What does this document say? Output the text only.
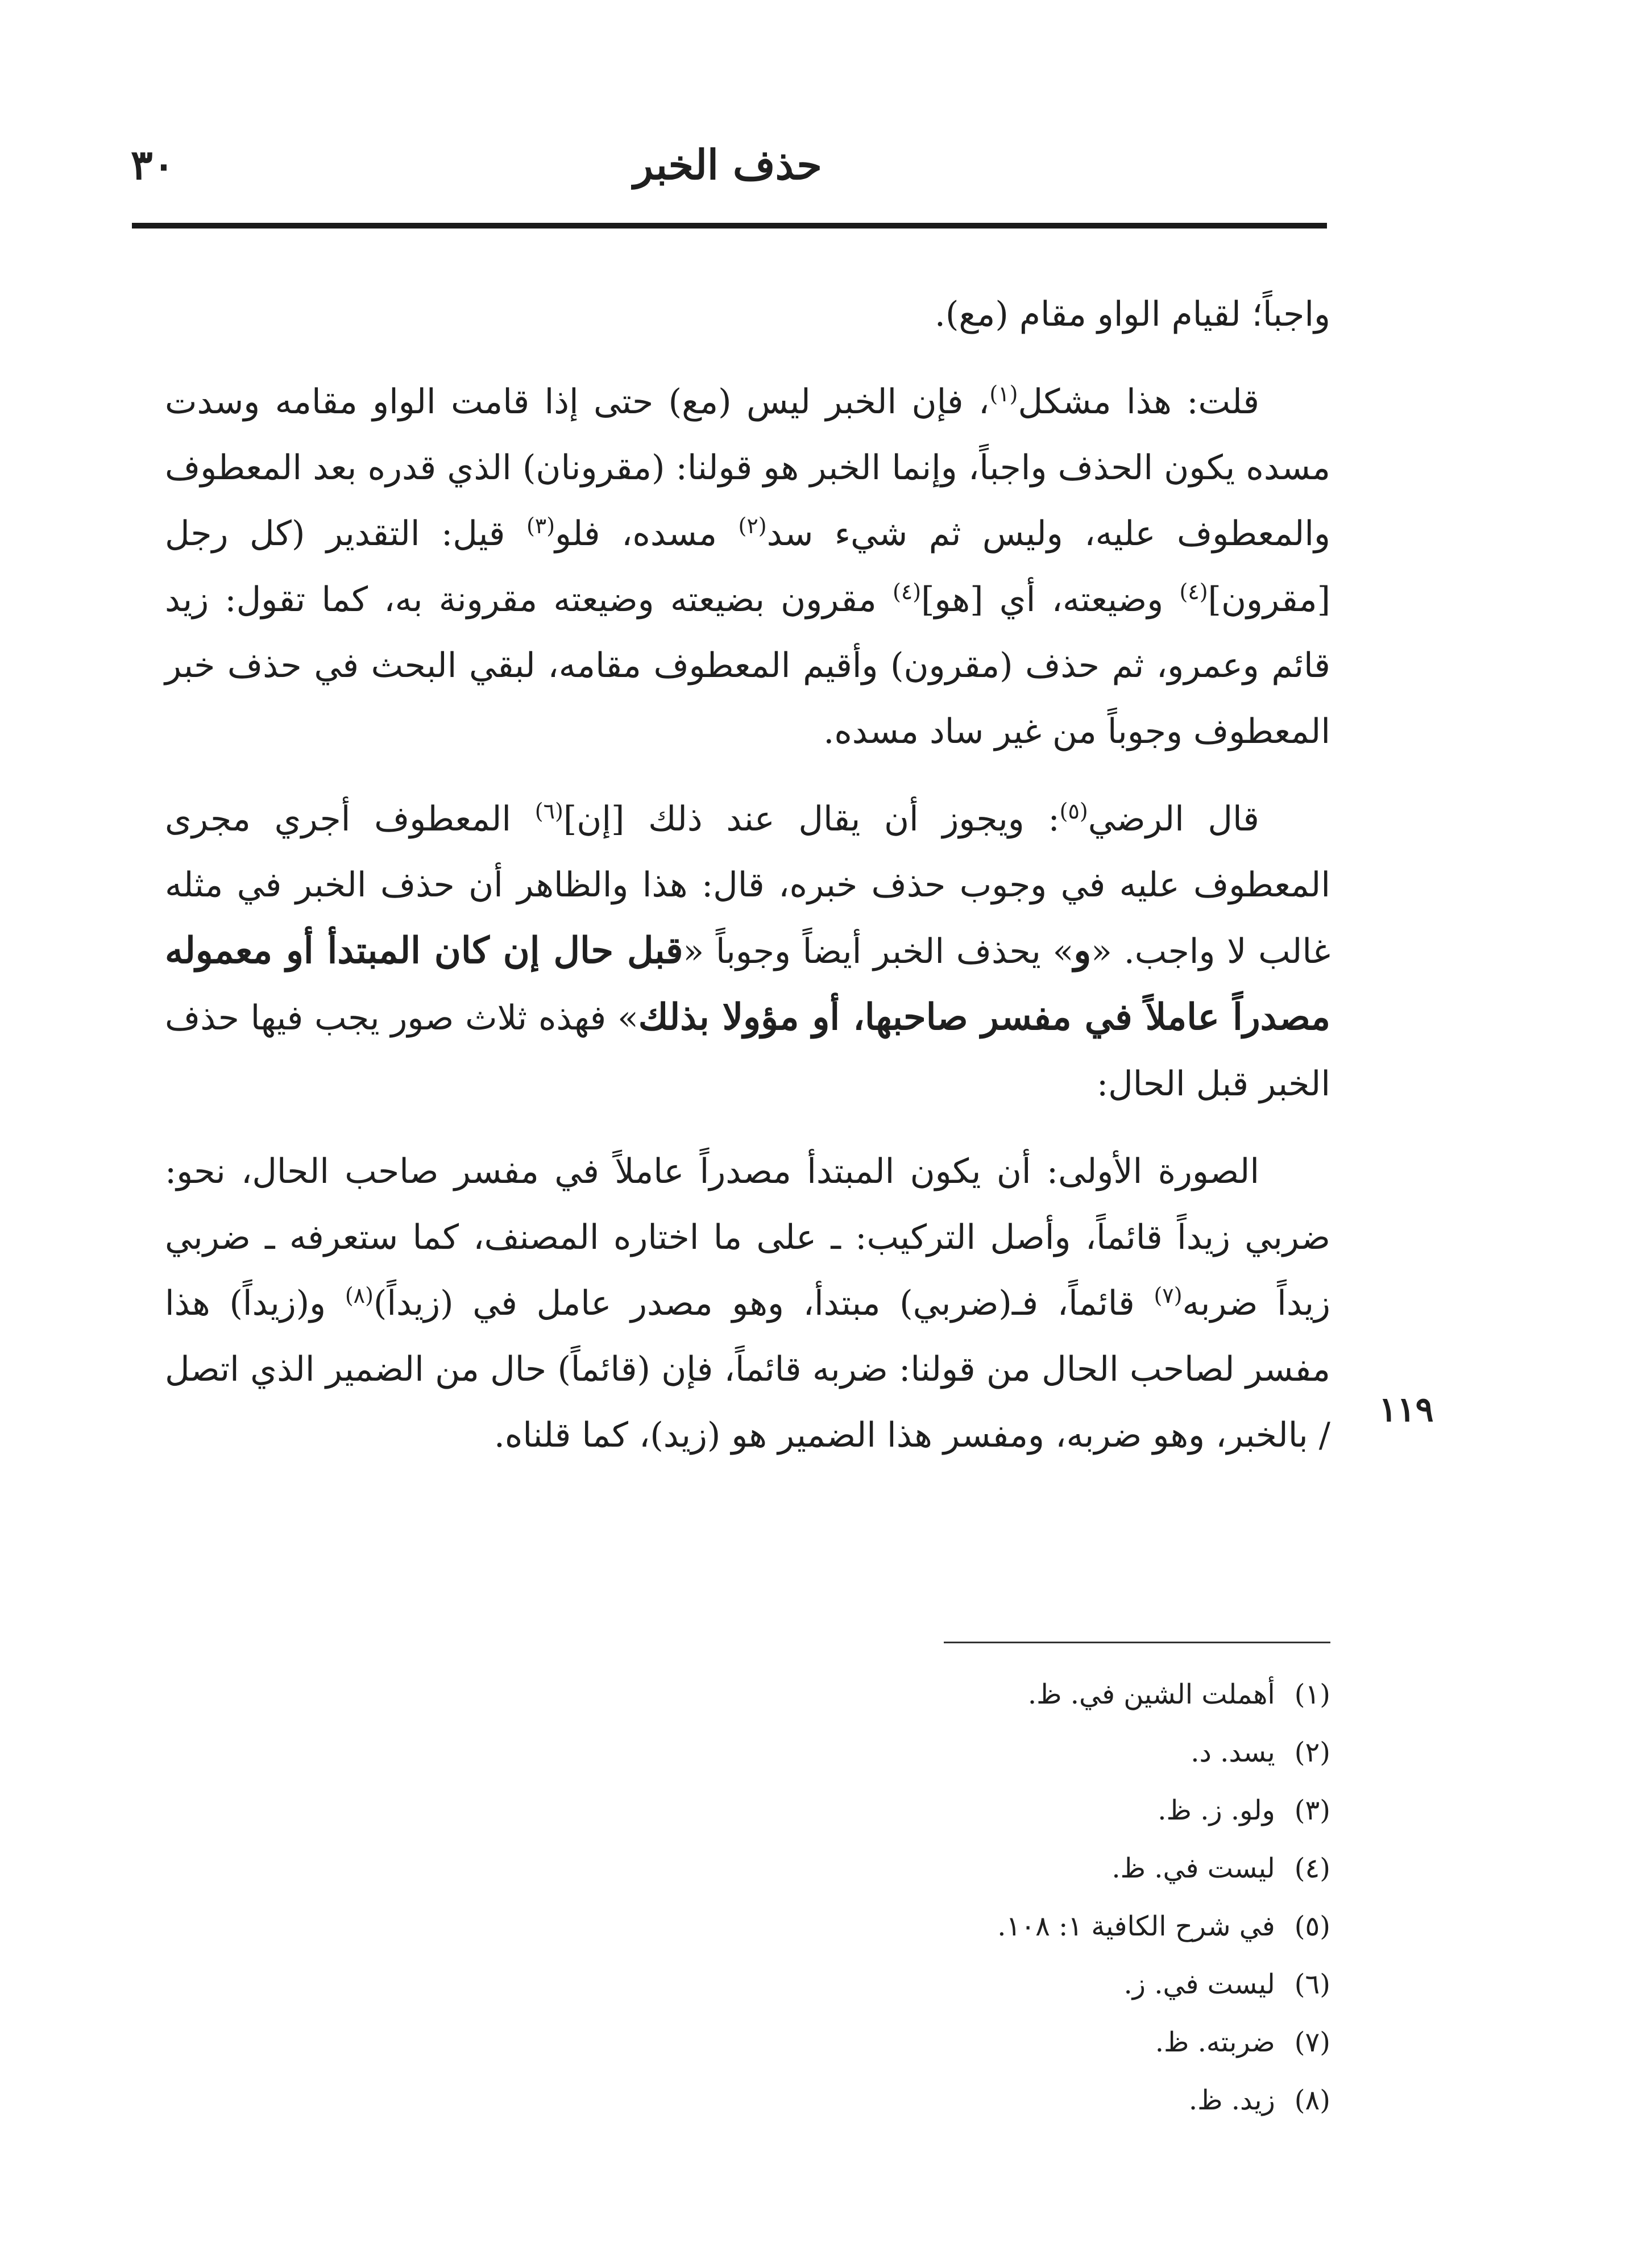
٣٠	حذف الخبر

واجباً؛ لقيام الواو مقام (مع).

قلت: هذا مشكل$^{(١)}$، فإن الخبر ليس (مع) حتى إذا قامت الواو مقامه وسدت مسده يكون الحذف واجباً، وإنما الخبر هو قولنا: (مقرونان) الذي قدره بعد المعطوف والمعطوف عليه، وليس ثم شيء سد$^{(٢)}$ مسده، فلو$^{(٣)}$ قيل: التقدير (كل رجل [مقرون]$^{(٤)}$ وضيعته، أي [هو]$^{(٤)}$ مقرون بضيعته وضيعته مقرونة به، كما تقول: زيد قائم وعمرو، ثم حذف (مقرون) وأقيم المعطوف مقامه، لبقي البحث في حذف خبر المعطوف وجوباً من غير ساد مسده.

قال الرضي$^{(٥)}$: ويجوز أن يقال عند ذلك [إن]$^{(٦)}$ المعطوف أجري مجرى المعطوف عليه في وجوب حذف خبره، قال: هذا والظاهر أن حذف الخبر في مثله غالب لا واجب. «و» يحذف الخبر أيضاً وجوباً «قبل حال إن كان المبتدأ أو معموله مصدراً عاملاً في مفسر صاحبها، أو مؤولا بذلك» فهذه ثلاث صور يجب فيها حذف الخبر قبل الحال:

الصورة الأولى: أن يكون المبتدأ مصدراً عاملاً في مفسر صاحب الحال، نحو: ضربي زيداً قائماً، وأصل التركيب: ـ على ما اختاره المصنف، كما ستعرفه ـ ضربي زيداً ضربه$^{(٧)}$ قائماً، فـ(ضربي) مبتدأ، وهو مصدر عامل في (زيداً)$^{(٨)}$ و(زيداً) هذا مفسر لصاحب الحال من قولنا: ضربه قائماً، فإن (قائماً) حال من الضمير الذي اتصل / بالخبر، وهو ضربه، ومفسر هذا الضمير هو (زيد)، كما قلناه.

١١٩
(١)أهملت الشين في. ظ.
(٢)يسد. د.
(٣)ولو. ز. ظ.
(٤)ليست في. ظ.
(٥)في شرح الكافية ١: ١٠٨.
(٦)ليست في. ز.
(٧)ضربته. ظ.
(٨)زيد. ظ.
